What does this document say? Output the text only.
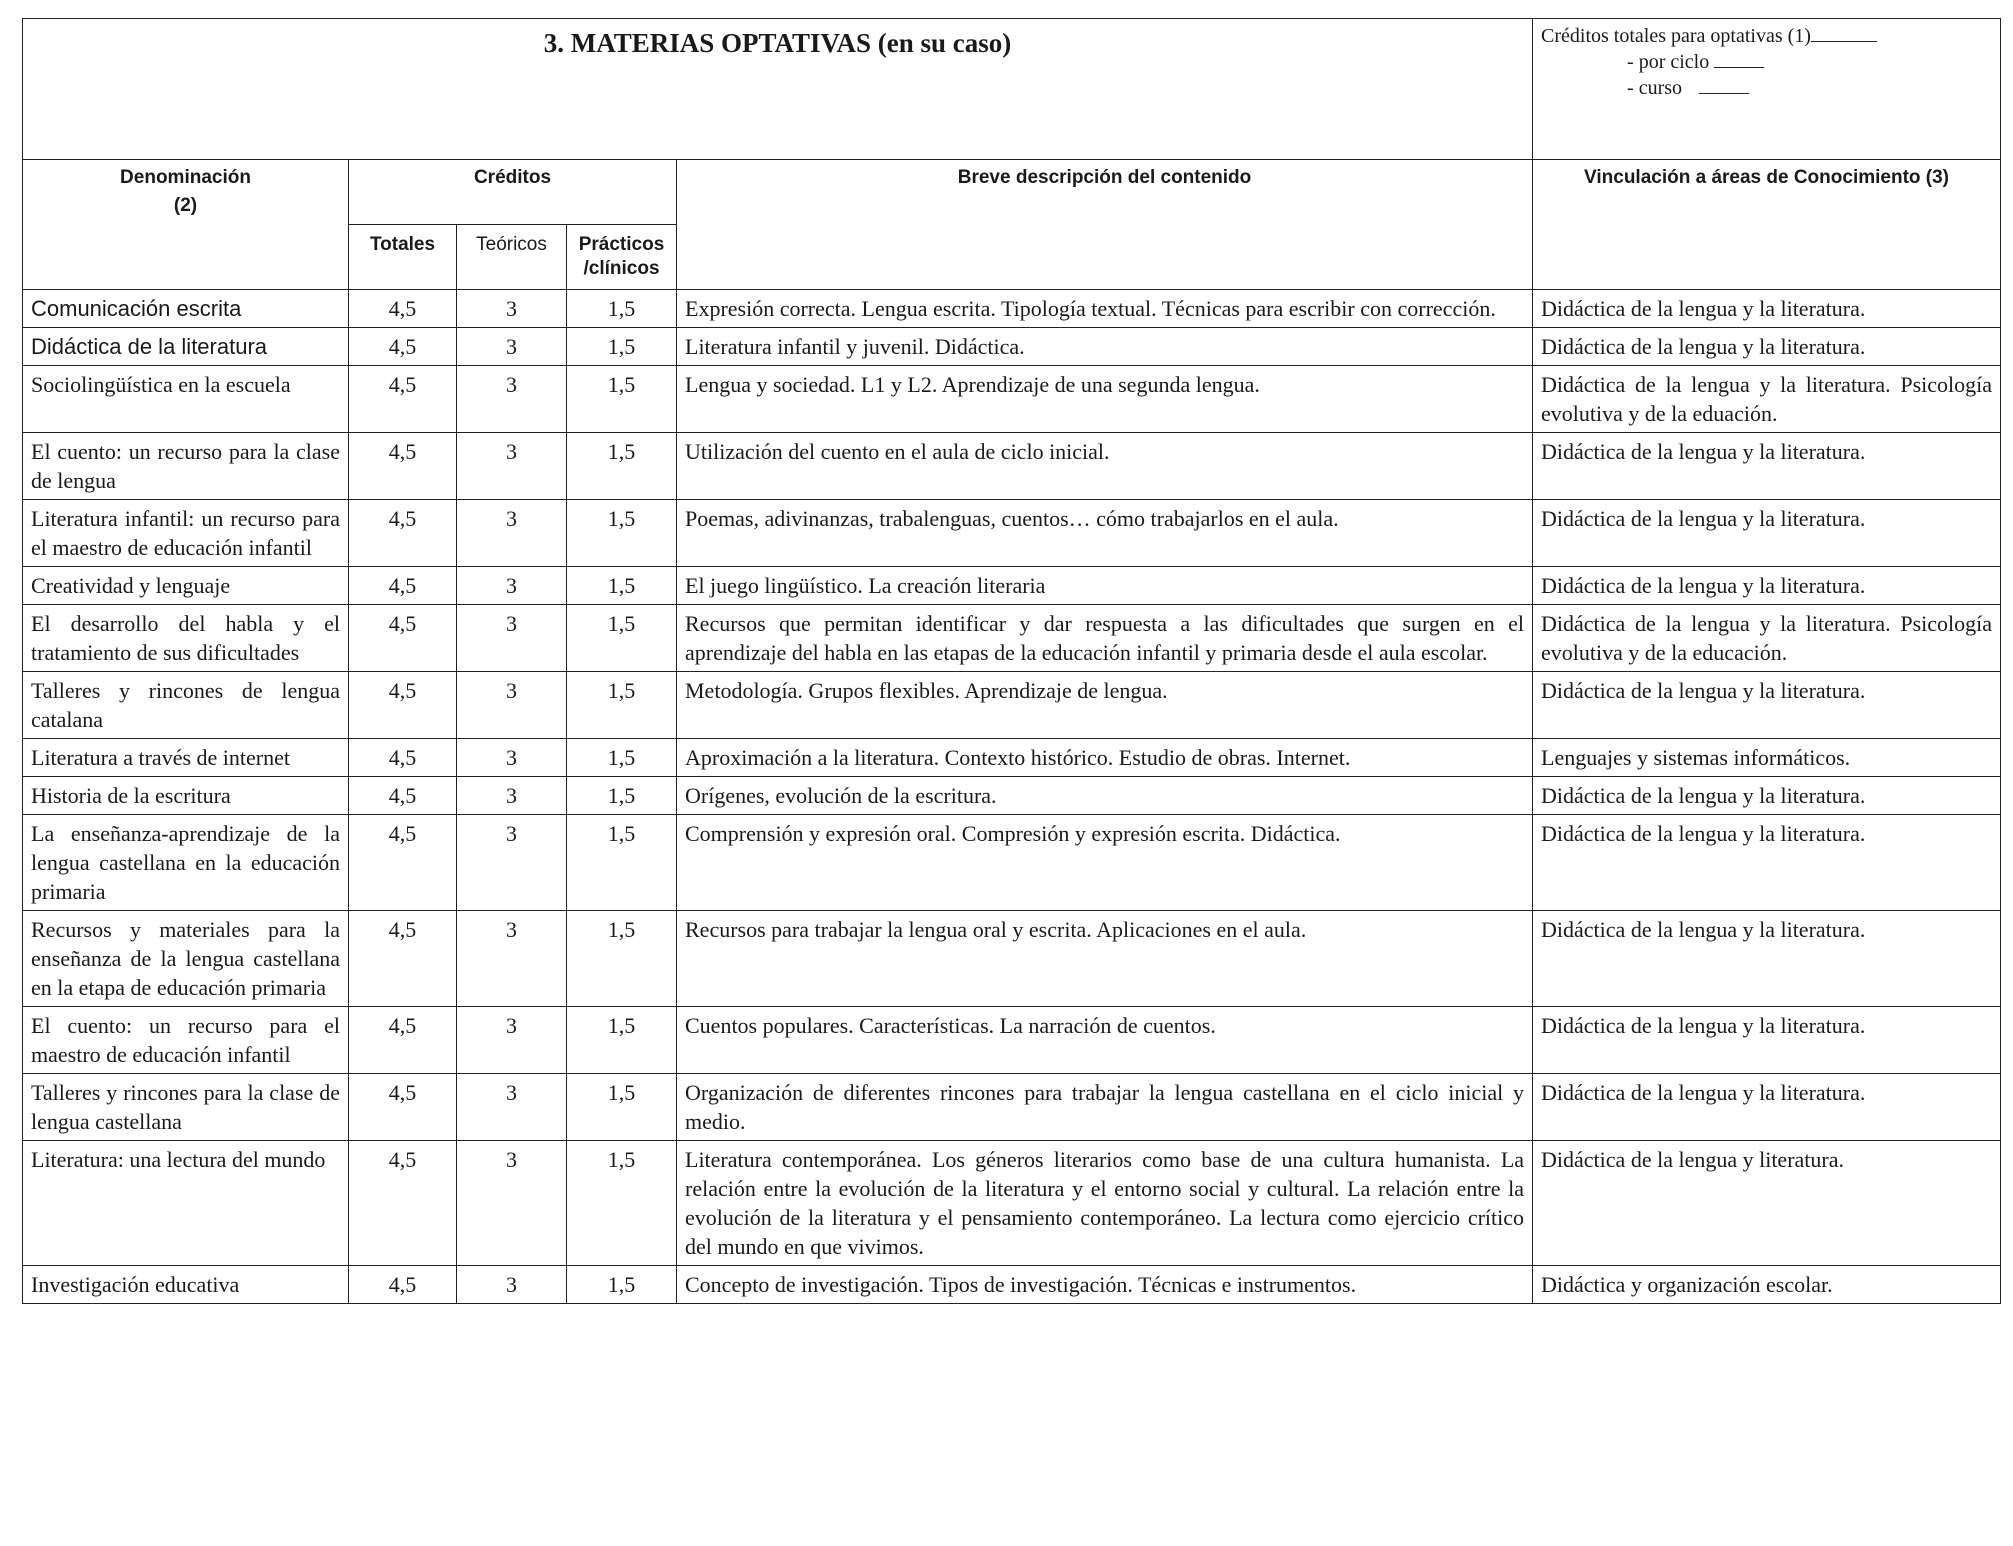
3. MATERIAS OPTATIVAS (en su caso)					Créditos totales para optativas (1)
- por ciclo
- curso

Denominación
(2)	Créditos			Breve descripción del contenido	Vinculación a áreas de Conocimiento (3)
	Totales	Teóricos	Prácticos /clínicos		
Comunicación escrita	4,5	3	1,5	Expresión correcta. Lengua escrita. Tipología textual. Técnicas para escribir con corrección.	Didáctica de la lengua y la literatura.
Didáctica de la literatura	4,5	3	1,5	Literatura infantil y juvenil. Didáctica.	Didáctica de la lengua y la literatura.
Sociolingüística en la escuela	4,5	3	1,5	Lengua y sociedad. L1 y L2. Aprendizaje de una segunda lengua.	Didáctica de la lengua y la literatura. Psicología evolutiva y de la eduación.
El cuento: un recurso para la clase de lengua	4,5	3	1,5	Utilización del cuento en el aula de ciclo inicial.	Didáctica de la lengua y la literatura.
Literatura infantil: un recurso para el maestro de educación infantil	4,5	3	1,5	Poemas, adivinanzas, trabalenguas, cuentos… cómo trabajarlos en el aula.	Didáctica de la lengua y la literatura.
Creatividad y lenguaje	4,5	3	1,5	El juego lingüístico. La creación literaria	Didáctica de la lengua y la literatura.
El desarrollo del habla y el tratamiento de sus dificultades	4,5	3	1,5	Recursos que permitan identificar y dar respuesta a las dificultades que surgen en el aprendizaje del habla en las etapas de la educación infantil y primaria desde el aula escolar.	Didáctica de la lengua y la literatura. Psicología evolutiva y de la educación.
Talleres y rincones de lengua catalana	4,5	3	1,5	Metodología. Grupos flexibles. Aprendizaje de lengua.	Didáctica de la lengua y la literatura.
Literatura a través de internet	4,5	3	1,5	Aproximación a la literatura. Contexto histórico. Estudio de obras. Internet.	Lenguajes y sistemas informáticos.
Historia de la escritura	4,5	3	1,5	Orígenes, evolución de la escritura.	Didáctica de la lengua y la literatura.
La enseñanza-aprendizaje de la lengua castellana en la educación primaria	4,5	3	1,5	Comprensión y expresión oral. Compresión y expresión escrita. Didáctica.	Didáctica de la lengua y la literatura.
Recursos y materiales para la enseñanza de la lengua castellana en la etapa de educación primaria	4,5	3	1,5	Recursos para trabajar la lengua oral y escrita. Aplicaciones en el aula.	Didáctica de la lengua y la literatura.
El cuento: un recurso para el maestro de educación infantil	4,5	3	1,5	Cuentos populares. Características. La narración de cuentos.	Didáctica de la lengua y la literatura.
Talleres y rincones para la clase de lengua castellana	4,5	3	1,5	Organización de diferentes rincones para trabajar la lengua castellana en el ciclo inicial y medio.	Didáctica de la lengua y la literatura.
Literatura: una lectura del mundo	4,5	3	1,5	Literatura contemporánea. Los géneros literarios como base de una cultura humanista. La relación entre la evolución de la literatura y el entorno social y cultural. La relación entre la evolución de la literatura y el pensamiento contemporáneo. La lectura como ejercicio crítico del mundo en que vivimos.	Didáctica de la lengua y literatura.
Investigación educativa	4,5	3	1,5	Concepto de investigación. Tipos de investigación. Técnicas e instrumentos.	Didáctica y organización escolar.
